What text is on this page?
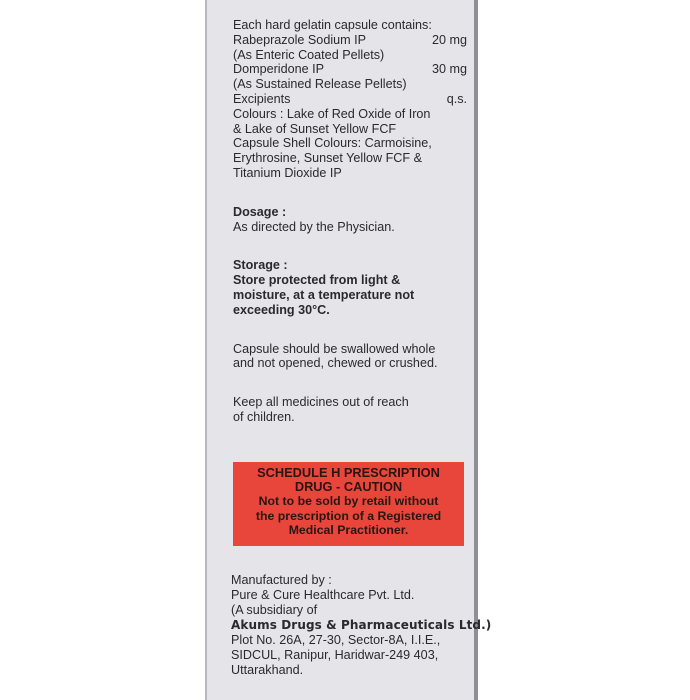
Each hard gelatin capsule contains:
Rabeprazole Sodium IP	20 mg
(As Enteric Coated Pellets)
Domperidone IP	30 mg
(As Sustained Release Pellets)
Excipients	q.s.
Colours : Lake of Red Oxide of Iron
& Lake of Sunset Yellow FCF
Capsule Shell Colours: Carmoisine,
Erythrosine, Sunset Yellow FCF &
Titanium Dioxide IP
Dosage :
As directed by the Physician.
Storage :
Store protected from light &
moisture, at a temperature not
exceeding 30°C.
Capsule should be swallowed whole
and not opened, chewed or crushed.
Keep all medicines out of reach
of children.
SCHEDULE H PRESCRIPTION
DRUG - CAUTION
Not to be sold by retail without
the prescription of a Registered
Medical Practitioner.
Manufactured by :
Pure & Cure Healthcare Pvt. Ltd.
(A subsidiary of
Akums Drugs & Pharmaceuticals Ltd.)
Plot No. 26A, 27-30, Sector-8A, I.I.E.,
SIDCUL, Ranipur, Haridwar-249 403,
Uttarakhand.
